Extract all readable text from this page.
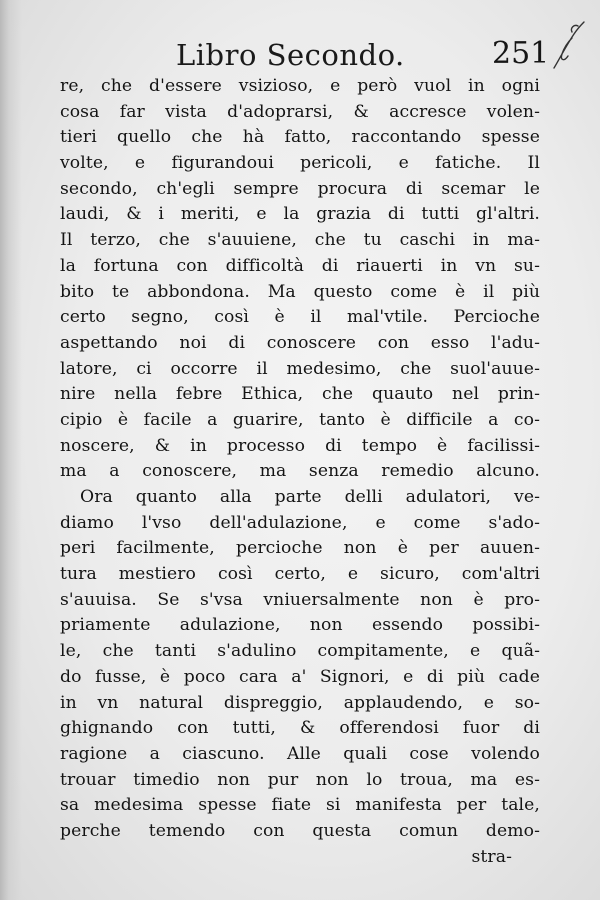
Libro Secondo.	251
re, che d'essere vsizioso, e però vuol in ogni
cosa far vista d'adoprarsi, & accresce volen-
tieri quello che hà fatto, raccontando spesse
volte, e figurandoui pericoli, e fatiche. Il
secondo, ch'egli sempre procura di scemar le
laudi, & i meriti, e la grazia di tutti gl'altri.
Il terzo, che s'auuiene, che tu caschi in ma-
la fortuna con difficoltà di riauerti in vn su-
bito te abbondona. Ma questo come è il più
certo segno, così è il mal'vtile. Percioche
aspettando noi di conoscere con esso l'adu-
latore, ci occorre il medesimo, che suol'auue-
nire nella febre Ethica, che quauto nel prin-
cipio è facile a guarire, tanto è difficile a co-
noscere, & in processo di tempo è facilissi-
ma a conoscere, ma senza remedio alcuno.
Ora quanto alla parte delli adulatori, ve-
diamo l'vso dell'adulazione, e come s'ado-
peri facilmente, percioche non è per auuen-
tura mestiero così certo, e sicuro, com'altri
s'auuisa. Se s'vsa vniuersalmente non è pro-
priamente adulazione, non essendo possibi-
le, che tanti s'adulino compitamente, e quã-
do fusse, è poco cara a' Signori, e di più cade
in vn natural dispreggio, applaudendo, e so-
ghignando con tutti, & offerendosi fuor di
ragione a ciascuno. Alle quali cose volendo
trouar timedio non pur non lo troua, ma es-
sa medesima spesse fiate si manifesta per tale,
perche temendo con questa comun demo-
stra-
